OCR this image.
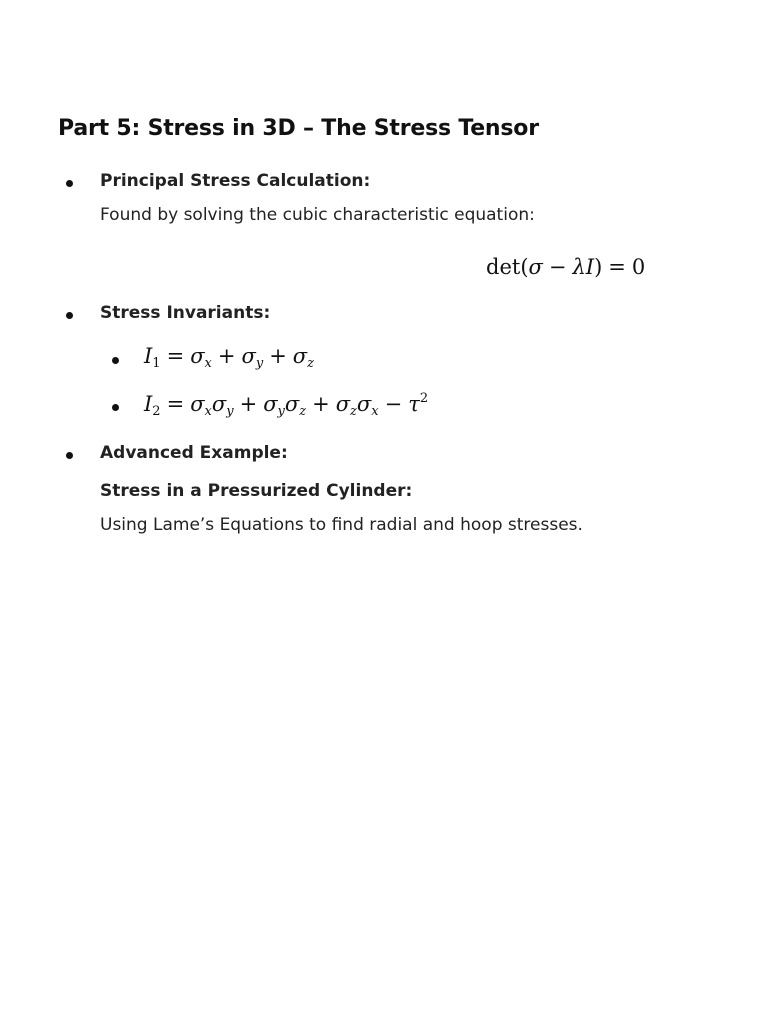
Part 5: Stress in 3D – The Stress Tensor
Principal Stress Calculation:
Found by solving the cubic characteristic equation:
det(σ − λI) = 0
Stress Invariants:
$I_1 = \sigma_x + \sigma_y + \sigma_z$
$I_2 = \sigma_x\sigma_y + \sigma_y\sigma_z + \sigma_z\sigma_x - \tau^2$
Advanced Example:
Stress in a Pressurized Cylinder:
Using Lame’s Equations to find radial and hoop stresses.
